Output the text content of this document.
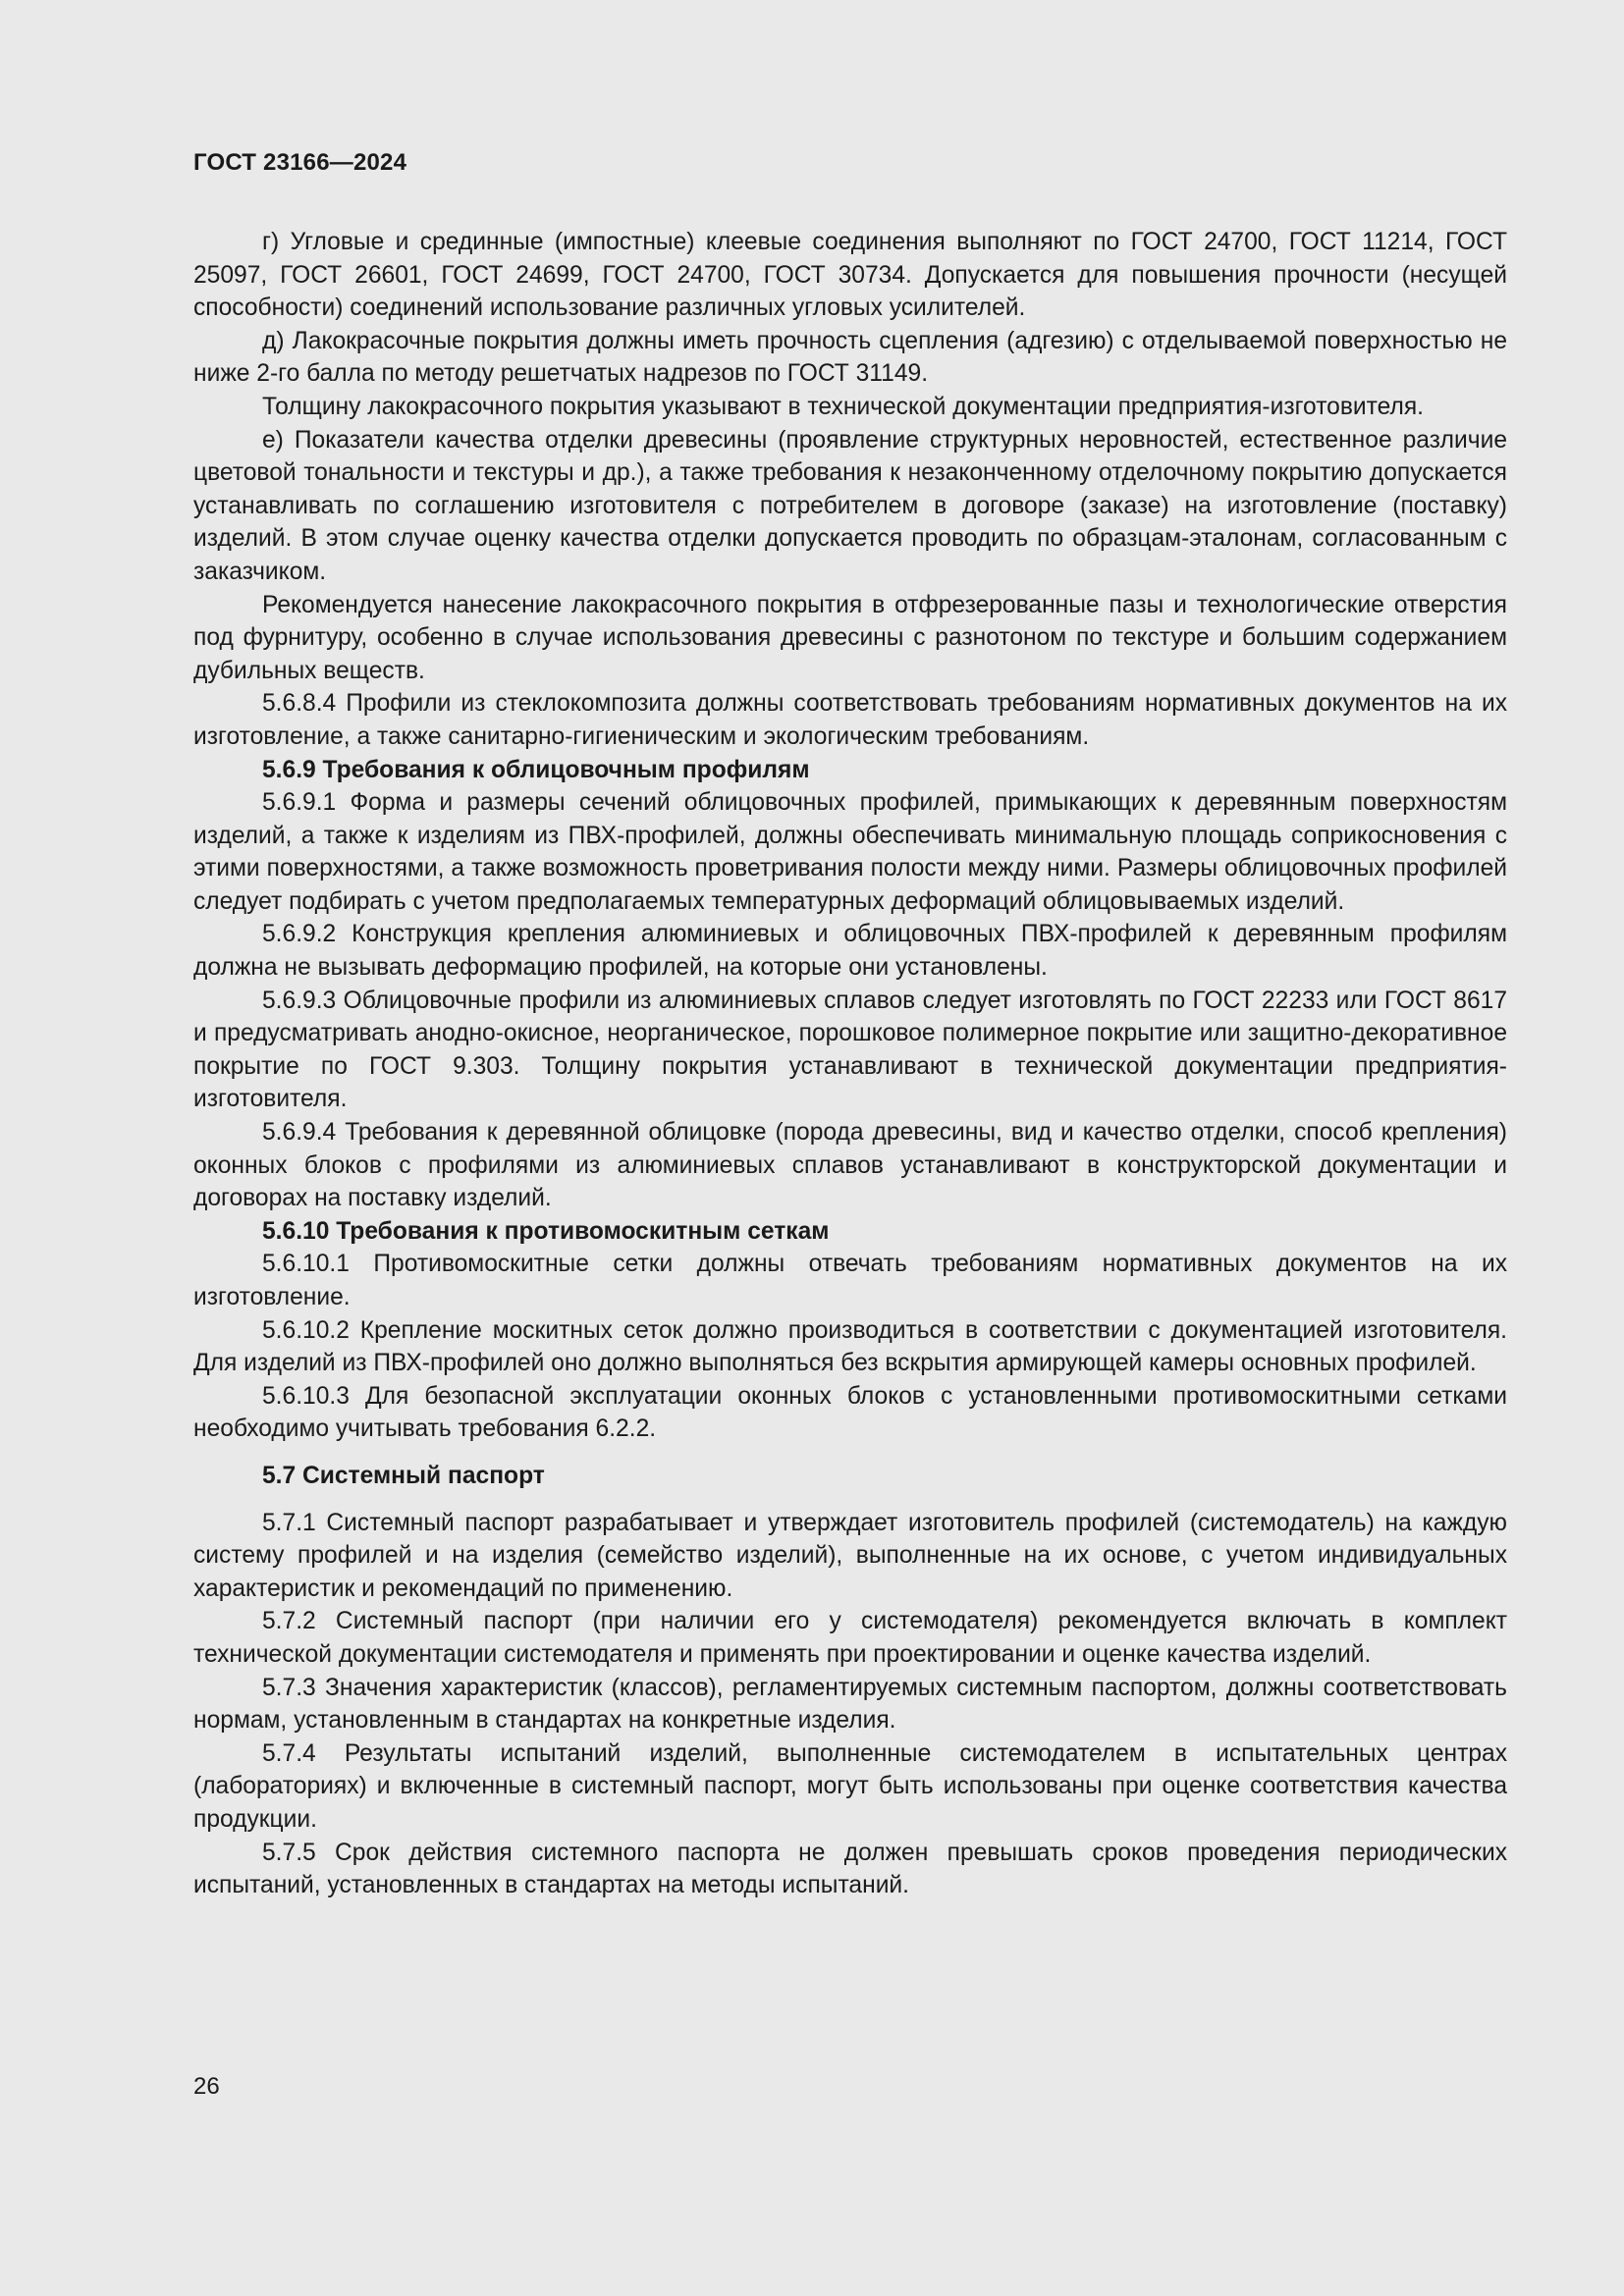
ГОСТ 23166—2024

г) Угловые и срединные (импостные) клеевые соединения выполняют по ГОСТ 24700, ГОСТ 11214, ГОСТ 25097, ГОСТ 26601, ГОСТ 24699, ГОСТ 24700, ГОСТ 30734. Допускается для повышения прочности (несущей способности) соединений использование различных угловых усилителей.

д) Лакокрасочные покрытия должны иметь прочность сцепления (адгезию) с отделываемой поверхностью не ниже 2-го балла по методу решетчатых надрезов по ГОСТ 31149.

Толщину лакокрасочного покрытия указывают в технической документации предприятия-изготовителя.

е) Показатели качества отделки древесины (проявление структурных неровностей, естественное различие цветовой тональности и текстуры и др.), а также требования к незаконченному отделочному покрытию допускается устанавливать по соглашению изготовителя с потребителем в договоре (заказе) на изготовление (поставку) изделий. В этом случае оценку качества отделки допускается проводить по образцам-эталонам, согласованным с заказчиком.

Рекомендуется нанесение лакокрасочного покрытия в отфрезерованные пазы и технологические отверстия под фурнитуру, особенно в случае использования древесины с разнотоном по текстуре и большим содержанием дубильных веществ.

5.6.8.4 Профили из стеклокомпозита должны соответствовать требованиям нормативных документов на их изготовление, а также санитарно-гигиеническим и экологическим требованиям.

5.6.9 Требования к облицовочным профилям

5.6.9.1 Форма и размеры сечений облицовочных профилей, примыкающих к деревянным поверхностям изделий, а также к изделиям из ПВХ-профилей, должны обеспечивать минимальную площадь соприкосновения с этими поверхностями, а также возможность проветривания полости между ними. Размеры облицовочных профилей следует подбирать с учетом предполагаемых температурных деформаций облицовываемых изделий.

5.6.9.2 Конструкция крепления алюминиевых и облицовочных ПВХ-профилей к деревянным профилям должна не вызывать деформацию профилей, на которые они установлены.

5.6.9.3 Облицовочные профили из алюминиевых сплавов следует изготовлять по ГОСТ 22233 или ГОСТ 8617 и предусматривать анодно-окисное, неорганическое, порошковое полимерное покрытие или защитно-декоративное покрытие по ГОСТ 9.303. Толщину покрытия устанавливают в технической документации предприятия-изготовителя.

5.6.9.4 Требования к деревянной облицовке (порода древесины, вид и качество отделки, способ крепления) оконных блоков с профилями из алюминиевых сплавов устанавливают в конструкторской документации и договорах на поставку изделий.

5.6.10 Требования к противомоскитным сеткам

5.6.10.1 Противомоскитные сетки должны отвечать требованиям нормативных документов на их изготовление.

5.6.10.2 Крепление москитных сеток должно производиться в соответствии с документацией изготовителя. Для изделий из ПВХ-профилей оно должно выполняться без вскрытия армирующей камеры основных профилей.

5.6.10.3 Для безопасной эксплуатации оконных блоков с установленными противомоскитными сетками необходимо учитывать требования 6.2.2.

5.7 Системный паспорт

5.7.1 Системный паспорт разрабатывает и утверждает изготовитель профилей (системодатель) на каждую систему профилей и на изделия (семейство изделий), выполненные на их основе, с учетом индивидуальных характеристик и рекомендаций по применению.

5.7.2 Системный паспорт (при наличии его у системодателя) рекомендуется включать в комплект технической документации системодателя и применять при проектировании и оценке качества изделий.

5.7.3 Значения характеристик (классов), регламентируемых системным паспортом, должны соответствовать нормам, установленным в стандартах на конкретные изделия.

5.7.4 Результаты испытаний изделий, выполненные системодателем в испытательных центрах (лабораториях) и включенные в системный паспорт, могут быть использованы при оценке соответствия качества продукции.

5.7.5 Срок действия системного паспорта не должен превышать сроков проведения периодических испытаний, установленных в стандартах на методы испытаний.

26
